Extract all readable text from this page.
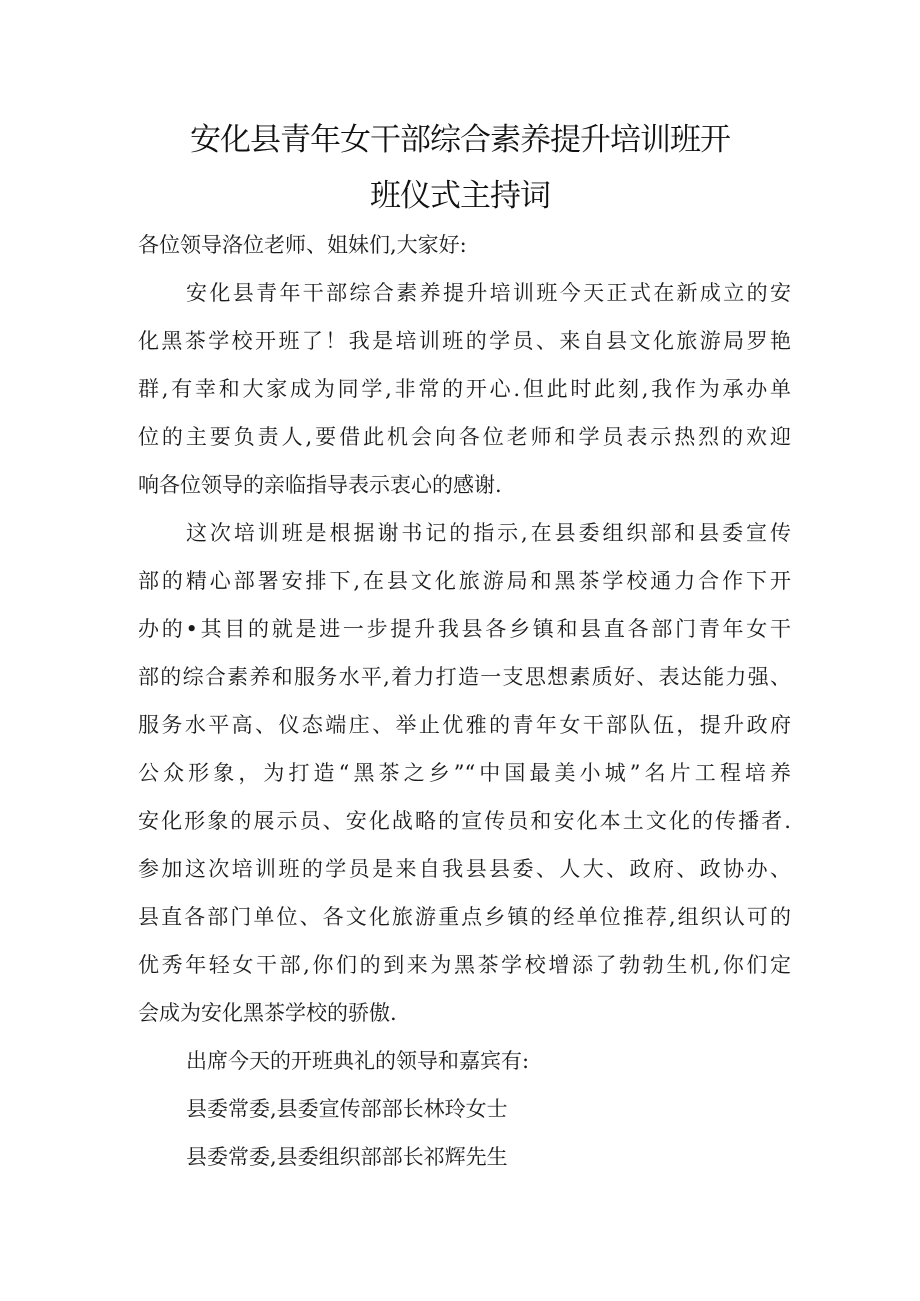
安化县青年女干部综合素养提升培训班开
班仪式主持词
各位领导洛位老师、姐妹们,大家好:
安化县青年干部综合素养提升培训班今天正式在新成立的安
化黑茶学校开班了！我是培训班的学员、来自县文化旅游局罗艳
群,有幸和大家成为同学,非常的开心.但此时此刻,我作为承办单
位的主要负责人,要借此机会向各位老师和学员表示热烈的欢迎
响各位领导的亲临指导表示衷心的感谢.
这次培训班是根据谢书记的指示,在县委组织部和县委宣传
部的精心部署安排下,在县文化旅游局和黑茶学校通力合作下开
办的•其目的就是进一步提升我县各乡镇和县直各部门青年女干
部的综合素养和服务水平,着力打造一支思想素质好、表达能力强、
服务水平高、仪态端庄、举止优雅的青年女干部队伍，提升政府
公众形象，为打造“黑茶之乡”“中国最美小城”名片工程培养
安化形象的展示员、安化战略的宣传员和安化本土文化的传播者.
参加这次培训班的学员是来自我县县委、人大、政府、政协办、
县直各部门单位、各文化旅游重点乡镇的经单位推荐,组织认可的
优秀年轻女干部,你们的到来为黑茶学校增添了勃勃生机,你们定
会成为安化黑茶学校的骄傲.
出席今天的开班典礼的领导和嘉宾有:
县委常委,县委宣传部部长林玲女士
县委常委,县委组织部部长祁辉先生
